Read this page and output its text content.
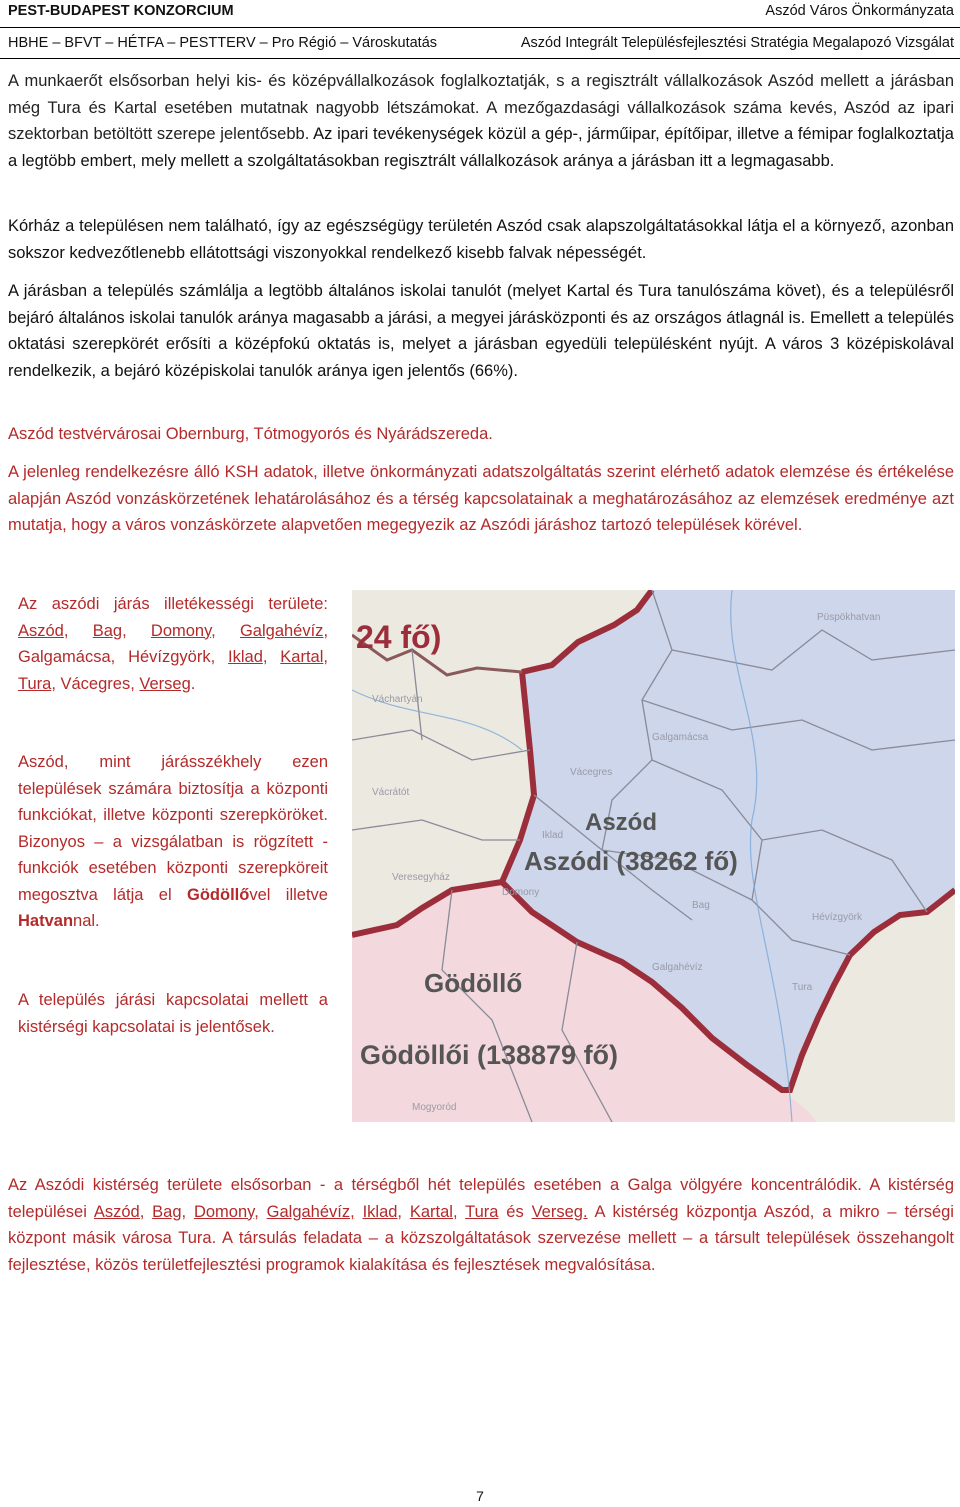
PEST-BUDAPEST KONZORCIUM	Aszód Város Önkormányzata
HBHE – BFVT – HÉTFA – PESTTERV – Pro Régió – Városkutatás	Aszód Integrált Településfejlesztési Stratégia Megalapozó Vizsgálat
A munkaerőt elsősorban helyi kis- és középvállalkozások foglalkoztatják, s a regisztrált vállalkozások Aszód mellett a járásban még Tura és Kartal esetében mutatnak nagyobb létszámokat. A mezőgazdasági vállalkozások száma kevés, Aszód az ipari szektorban betöltött szerepe jelentősebb. Az ipari tevékenységek közül a gép-, járműipar, építőipar, illetve a fémipar foglalkoztatja a legtöbb embert, mely mellett a szolgáltatásokban regisztrált vállalkozások aránya a járásban itt a legmagasabb.
Kórház a településen nem található, így az egészségügy területén Aszód csak alapszolgáltatásokkal látja el a környező, azonban sokszor kedvezőtlenebb ellátottsági viszonyokkal rendelkező kisebb falvak népességét.
A járásban a település számlálja a legtöbb általános iskolai tanulót (melyet Kartal és Tura tanulószáma követ), és a településről bejáró általános iskolai tanulók aránya magasabb a járási, a megyei járásközponti és az országos átlagnál is. Emellett a település oktatási szerepkörét erősíti a középfokú oktatás is, melyet a járásban egyedüli településként nyújt. A város 3 középiskolával rendelkezik, a bejáró középiskolai tanulók aránya igen jelentős (66%).
Aszód testvérvárosai Obernburg, Tótmogyorós és Nyárádszereda.
A jelenleg rendelkezésre álló KSH adatok, illetve önkormányzati adatszolgáltatás szerint elérhető adatok elemzése és értékelése alapján Aszód vonzáskörzetének lehatárolásához és a térség kapcsolatainak a meghatározásához az elemzések eredménye azt mutatja, hogy a város vonzáskörzete alapvetően megegyezik az Aszódi járáshoz tartozó települések körével.
Az aszódi járás illetékességi területe: Aszód, Bag, Domony, Galgahévíz, Galgamácsa, Hévízgyörk, Iklad, Kartal, Tura, Vácegres, Verseg.
Aszód, mint járásszékhely ezen települések számára biztosítja a központi funkciókat, illetve központi szerepköröket. Bizonyos – a vizsgálatban is rögzített - funkciók esetében központi szerepköreit megosztva látja el Gödöllővel illetve Hatvannal.
A település járási kapcsolatai mellett a kistérségi kapcsolatai is jelentősek.
Püspökhatvan
Váchartyán
Vácrátót
Galgamácsa
Vácegres
Iklad
Domony
Bag
Galgahévíz
Tura
Veresegyház
Hévízgyörk
Mogyoród
24 fő)
Aszód
Aszódi (38262 fő)
Gödöllő
Gödöllői (138879 fő)
Az Aszódi kistérség területe elsősorban - a térségből hét település esetében a Galga völgyére koncentrálódik. A kistérség települései Aszód, Bag, Domony, Galgahévíz, Iklad, Kartal, Tura és Verseg. A kistérség központja Aszód, a mikro – térségi központ másik városa Tura. A társulás feladata – a közszolgáltatások szervezése mellett – a társult települések összehangolt fejlesztése, közös területfejlesztési programok kialakítása és fejlesztések megvalósítása.
7
